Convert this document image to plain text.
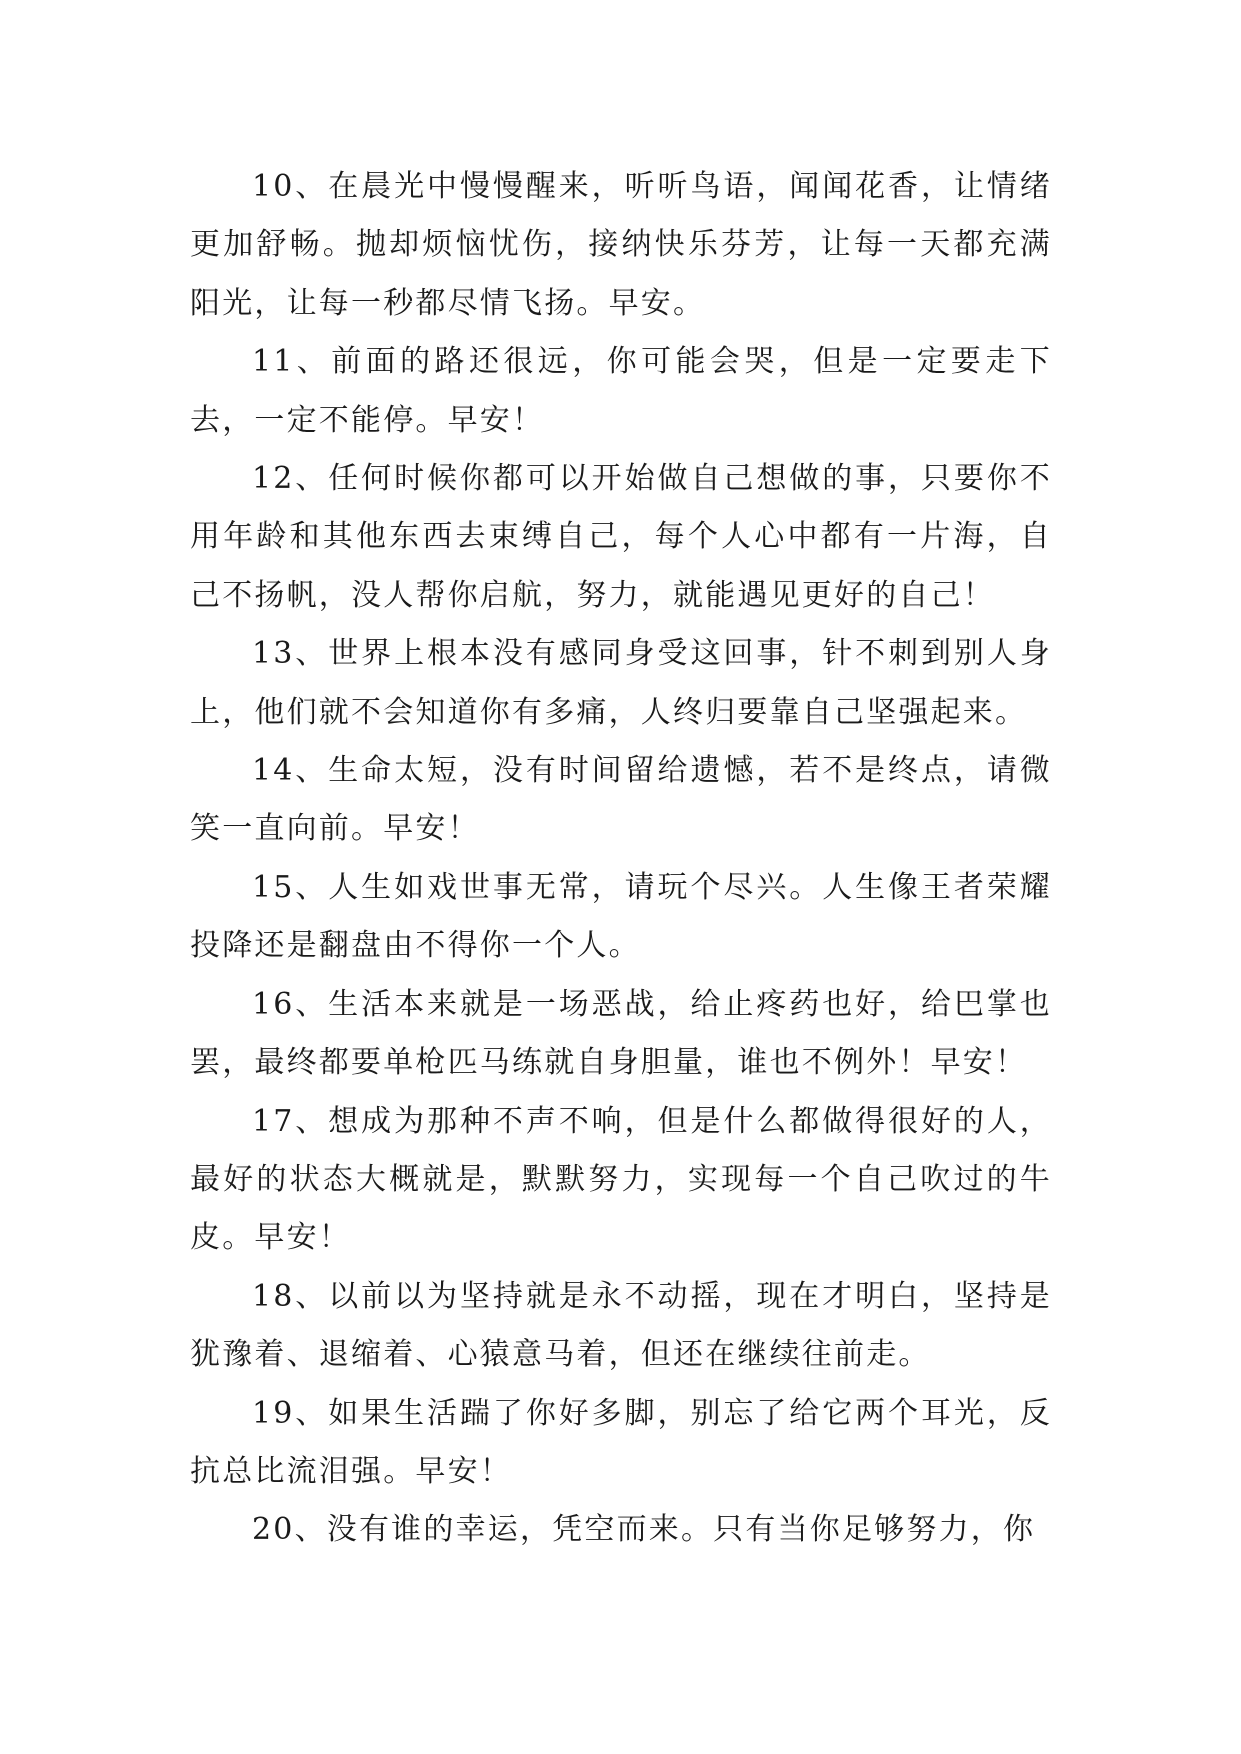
10、在晨光中慢慢醒来，听听鸟语，闻闻花香，让情绪更加舒畅。抛却烦恼忧伤，接纳快乐芬芳，让每一天都充满阳光，让每一秒都尽情飞扬。早安。

11、前面的路还很远，你可能会哭，但是一定要走下去，一定不能停。早安！

12、任何时候你都可以开始做自己想做的事，只要你不用年龄和其他东西去束缚自己，每个人心中都有一片海，自己不扬帆，没人帮你启航，努力，就能遇见更好的自己！

13、世界上根本没有感同身受这回事，针不刺到别人身上，他们就不会知道你有多痛，人终归要靠自己坚强起来。

14、生命太短，没有时间留给遗憾，若不是终点，请微笑一直向前。早安！

15、人生如戏世事无常，请玩个尽兴。人生像王者荣耀投降还是翻盘由不得你一个人。

16、生活本来就是一场恶战，给止疼药也好，给巴掌也罢，最终都要单枪匹马练就自身胆量，谁也不例外！早安！

17、想成为那种不声不响，但是什么都做得很好的人，最好的状态大概就是，默默努力，实现每一个自己吹过的牛皮。早安！

18、以前以为坚持就是永不动摇，现在才明白，坚持是犹豫着、退缩着、心猿意马着，但还在继续往前走。

19、如果生活踹了你好多脚，别忘了给它两个耳光，反抗总比流泪强。早安！

20、没有谁的幸运，凭空而来。只有当你足够努力，你
